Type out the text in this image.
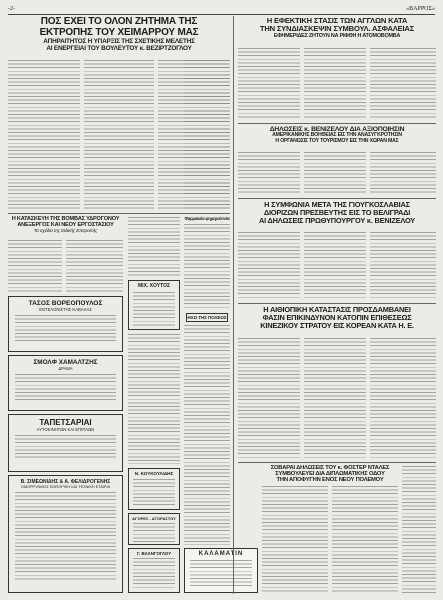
-2-	«ΒΑΡΡΟΣ»
ΠΟΣ ΕΧΕΙ ΤΟ ΟΛΟΝ ΖΗΤΗΜΑ ΤΗΣ
ΕΚΤΡΟΠΗΣ ΤΟΥ ΧΕΙΜΑΡΡΟΥ ΜΑΣ
ΑΠΗΡΑΙΤΗΤΟΣ Η ΥΠΑΡΞΙΣ ΤΗΣ ΣΧΕΤΙΚΗΣ ΜΕΛΕΤΗΣ
ΑΙ ΕΝΕΡΓΕΙΑΙ ΤΟΥ ΒΟΥΛΕΥΤΟΥ κ. ΒΕΖΙΡΤΖΟΓΛΟΥ
Η ΚΑΤΑΣΚΕΥΗ ΤΗΣ ΒΟΜΒΑΣ ΥΔΡΟΓΟΝΟΥ
ΑΝΕΞΕΡΓΟΣ ΚΑΙ ΝΕΟΥ ΕΡΓΟΣΤΑΣΙΟΥ
Τα σχέδια της Ειδικής Επιτροπής
ΤΑΣΟΣ ΒΟΡΕΟΠΟΥΛΟΣ
ΕΝΤΕΛΟΝΙΣΤΗΣ ΚΑΒΑΛΑΣ
ΣΜΟΛΦ ΧΑΜΑΛΤΖΗΣ
ΔΡΑΜΑ
ΤΑΠΕΤΣΑΡΙΑΙ
ΑΥΤΟΚΙΝΗΤΩΝ ΚΑΙ ΕΠΙΠΛΩΝ
Β. ΣΙΜΕΩΝΙΔΗΣ & Α. ΦΕΛΙΔΡΟΓΕΝΗΣ
ΟΜΟΡΡΥΘΜΟΣ ΕΜΠΟΡΙΚΗ ΚΑΙ ΤΕΧΝΙΚΗ ΕΤΑΙΡΙΑ
ΜΙΧ. ΧΟΥΤΟΣ
Ν. ΚΟΥΚΟΥΛΙΔΗΣ
ΑΓΟΡΕΣ - ΑΓΟΡΑΣΤΟΥ
Γ. ΒΛΑΝΓΟΓΛΟΥ
Φαρμακεία φημερεύοντα
ΗΧΩ ΤΗΣ ΠΟΛΕΩΣ
ΚΑΛΑΜΑΤΙΝ
Η ΕΦΕΚΤΙΚΗ ΣΤΑΣΙΣ ΤΩΝ ΑΓΓΛΩΝ ΚΑΤΑ
ΤΗΝ ΣΥΝΔΙΑΣΚΕΨΙΝ ΣΥΜΒΟΥΛ. ΑΣΦΑΛΕΙΑΣ
ΕΦΗΜΕΡΙΔΕΣ ΖΗΤΟΥΝ ΝΑ ΡΙΦΘΗ Η ΑΤΟΜΟΒΟΜΒΑ
ΔΗΛΩΣΕΙΣ κ. ΒΕΝΙΖΕΛΟΥ ΔΙΑ ΑΞΙΟΠΟΙΗΣΙΝ
ΑΜΕΡΙΚΑΝΙΚΗΣ ΒΟΗΘΕΙΑΣ ΕΙΣ ΤΗΝ ΑΝΑΣΥΓΚΡΟΤΗΣΙΝ
Η ΟΡΓΑΝΩΣΙΣ ΤΟΥ ΤΟΥΡΙΣΜΟΥ ΕΙΣ ΤΗΝ ΧΩΡΑΝ ΜΑΣ
Η ΣΥΜΦΩΝΙΑ ΜΕΤΑ ΤΗΣ ΓΙΟΥΓΚΟΣΛΑΒΙΑΣ
ΔΙΟΡΙΖΩΝ ΠΡΕΣΒΕΥΤΗΣ ΕΙΣ ΤΟ ΒΕΛΙΓΡΑΔΙ
ΑΙ ΔΗΛΩΣΕΙΣ ΠΡΩΘΥΠΟΥΡΓΟΥ κ. ΒΕΝΙΖΕΛΟΥ
Η ΑΙΘΙΟΠΙΚΗ ΚΑΤΑΣΤΑΣΙΣ ΠΡΟΣΔΑΜΒΑΝΕΙ
ΦΑΣΙΝ ΕΠΙΚΙΝΔΥΝΟΝ ΚΑΤΟΠΙΝ ΕΠΙΘΕΣΕΩΣ
ΚΙΝΕΖΙΚΟΥ ΣΤΡΑΤΟΥ ΕΙΣ ΚΟΡΕΑΝ ΚΑΤΑ Η. Ε.
ΣΟΒΑΡΑΙ ΔΗΛΩΣΕΙΣ ΤΟΥ κ. ΦΟΣΤΕΡ ΝΤΑΛΕΣ
ΣΥΜΒΟΥΛΕΥΕΙ ΔΙΑ ΔΙΠΛΩΜΑΤΙΚΗΣ ΟΔΟΥ
ΤΗΝ ΑΠΟΦΥΓΗΝ ΕΝΟΣ ΝΕΟΥ ΠΟΛΕΜΟΥ
